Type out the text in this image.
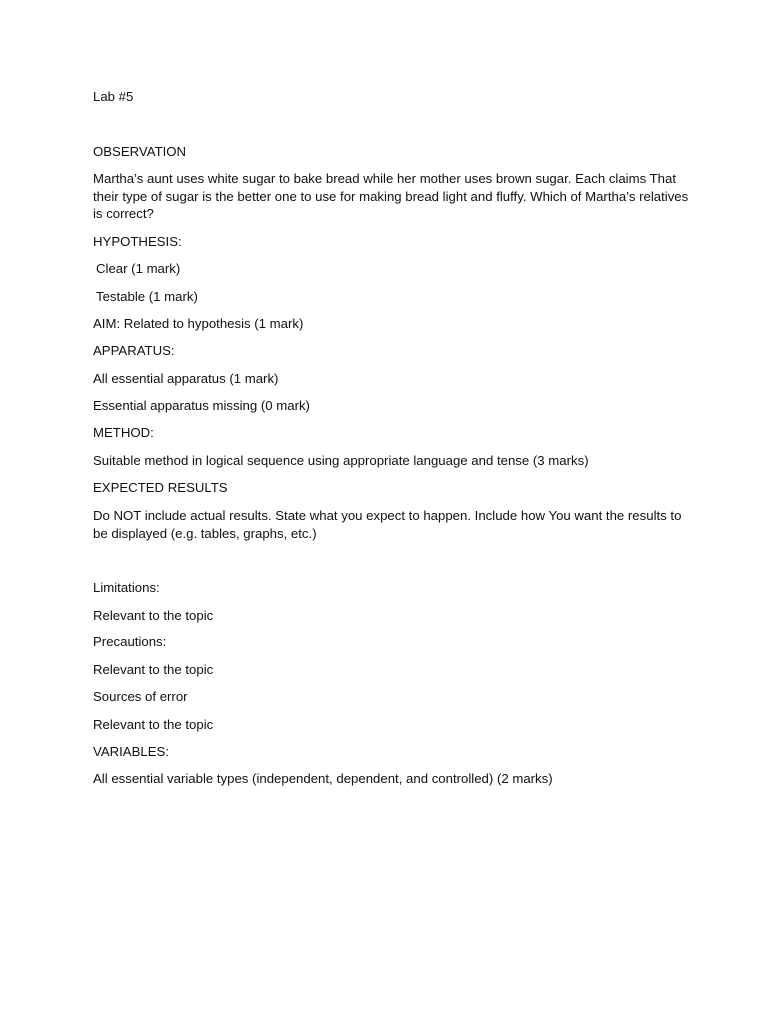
Lab #5

OBSERVATION

Martha’s aunt uses white sugar to bake bread while her mother uses brown sugar. Each claims That their type of sugar is the better one to use for making bread light and fluffy. Which of Martha’s relatives is correct?

HYPOTHESIS:

Clear (1 mark)

Testable (1 mark)

AIM: Related to hypothesis (1 mark)

APPARATUS:

All essential apparatus (1 mark)

Essential apparatus missing (0 mark)

METHOD:

Suitable method in logical sequence using appropriate language and tense (3 marks)

EXPECTED RESULTS

Do NOT include actual results. State what you expect to happen. Include how You want the results to be displayed (e.g. tables, graphs, etc.)

Limitations:

Relevant to the topic

Precautions:

Relevant to the topic

Sources of error

Relevant to the topic

VARIABLES:

All essential variable types (independent, dependent, and controlled) (2 marks)
